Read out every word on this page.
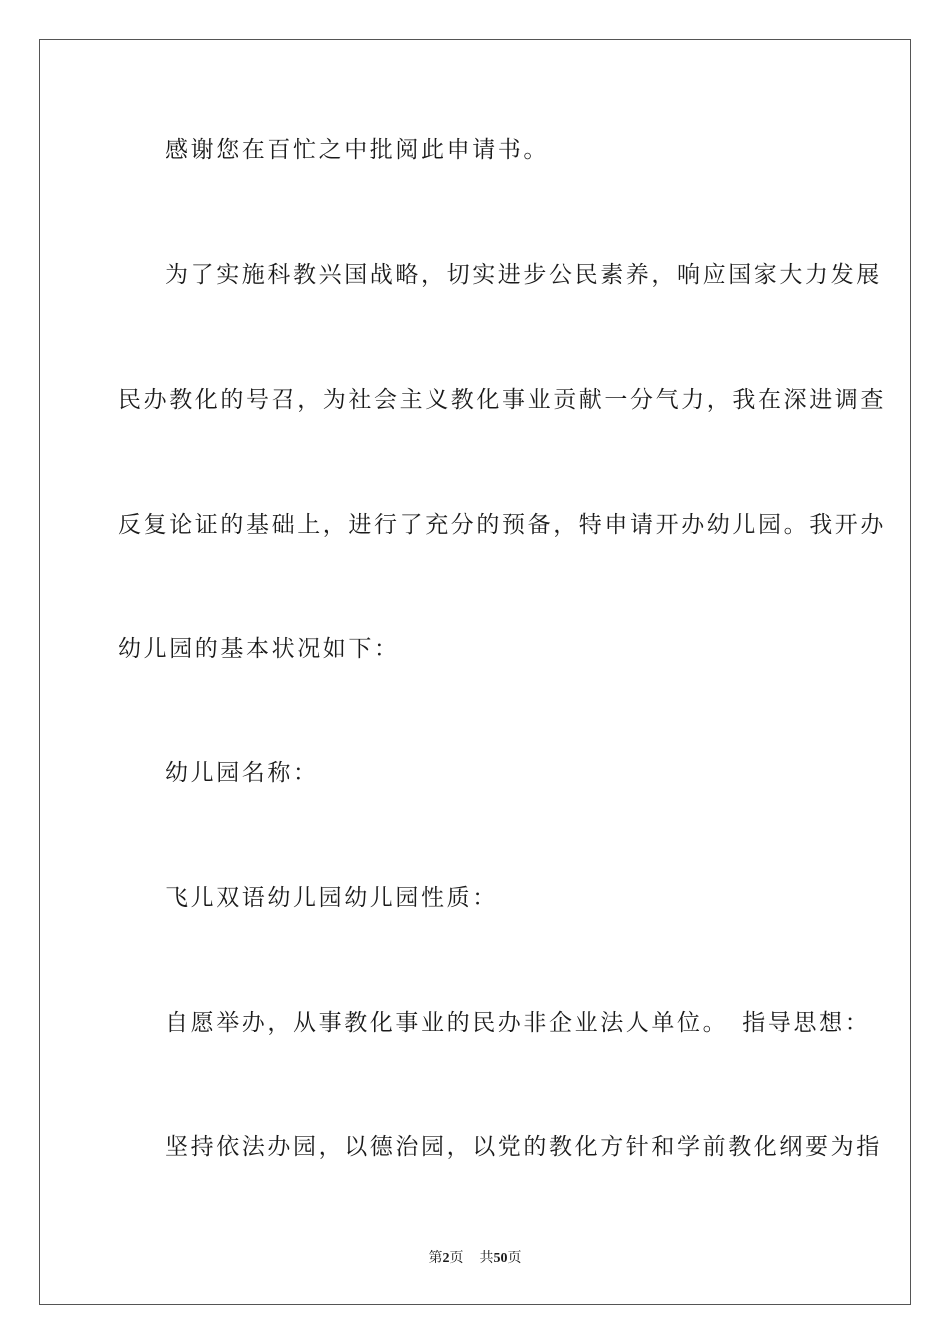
感谢您在百忙之中批阅此申请书。
为了实施科教兴国战略，切实进步公民素养，响应国家大力发展
民办教化的号召，为社会主义教化事业贡献一分气力，我在深进调查
反复论证的基础上，进行了充分的预备，特申请开办幼儿园。我开办
幼儿园的基本状况如下：
幼儿园名称：
飞儿双语幼儿园幼儿园性质：
自愿举办，从事教化事业的民办非企业法人单位。　指导思想：
坚持依法办园，以德治园，以党的教化方针和学前教化纲要为指
第2页 共50页
